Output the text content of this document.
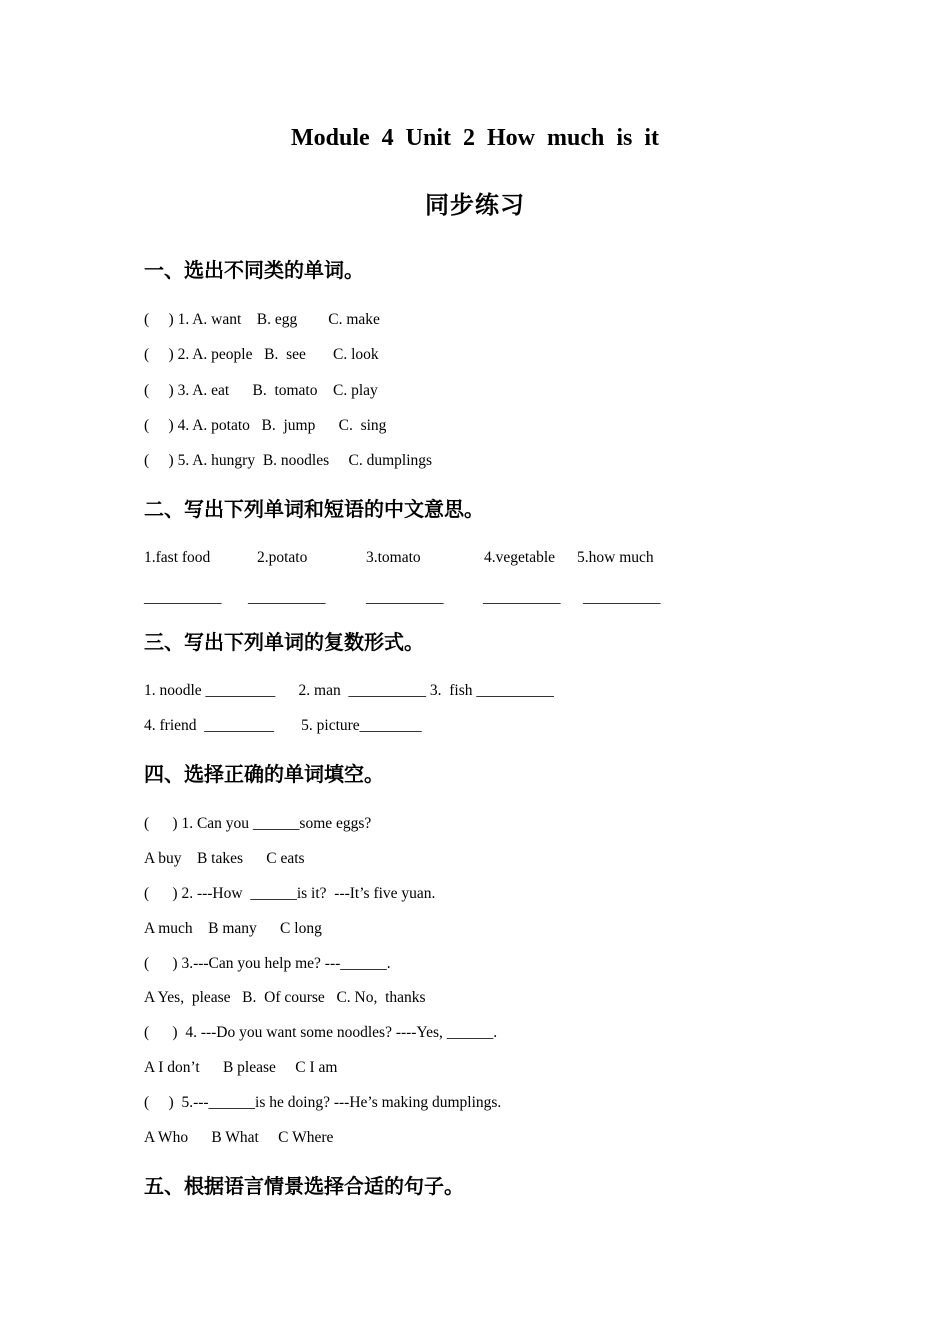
Module 4 Unit 2 How much is it
同步练习
一、选出不同类的单词。
(     ) 1. A. want    B. egg        C. make
(     ) 2. A. people   B.  see       C. look
(     ) 3. A. eat      B.  tomato    C. play
(     ) 4. A. potato   B.  jump      C.  sing
(     ) 5. A. hungry  B. noodles     C. dumplings
二、写出下列单词和短语的中文意思。
1.fast food	2.potato	3.tomato	4.vegetable 5.how much
__________ __________	__________	__________ __________
三、写出下列单词的复数形式。
1. noodle _________      2. man  __________ 3.  fish __________
4. friend  _________       5. picture________
四、选择正确的单词填空。
(      ) 1. Can you ______some eggs?
A buy    B takes      C eats
(      ) 2. ---How  ______is it?  ---It’s five yuan.
A much    B many      C long
(      ) 3.---Can you help me? ---______.
A Yes,  please   B.  Of course   C. No,  thanks
(      )  4. ---Do you want some noodles? ----Yes, ______.
A I don’t      B please     C I am
(     )  5.---______is he doing? ---He’s making dumplings.
A Who      B What     C Where
五、根据语言情景选择合适的句子。
